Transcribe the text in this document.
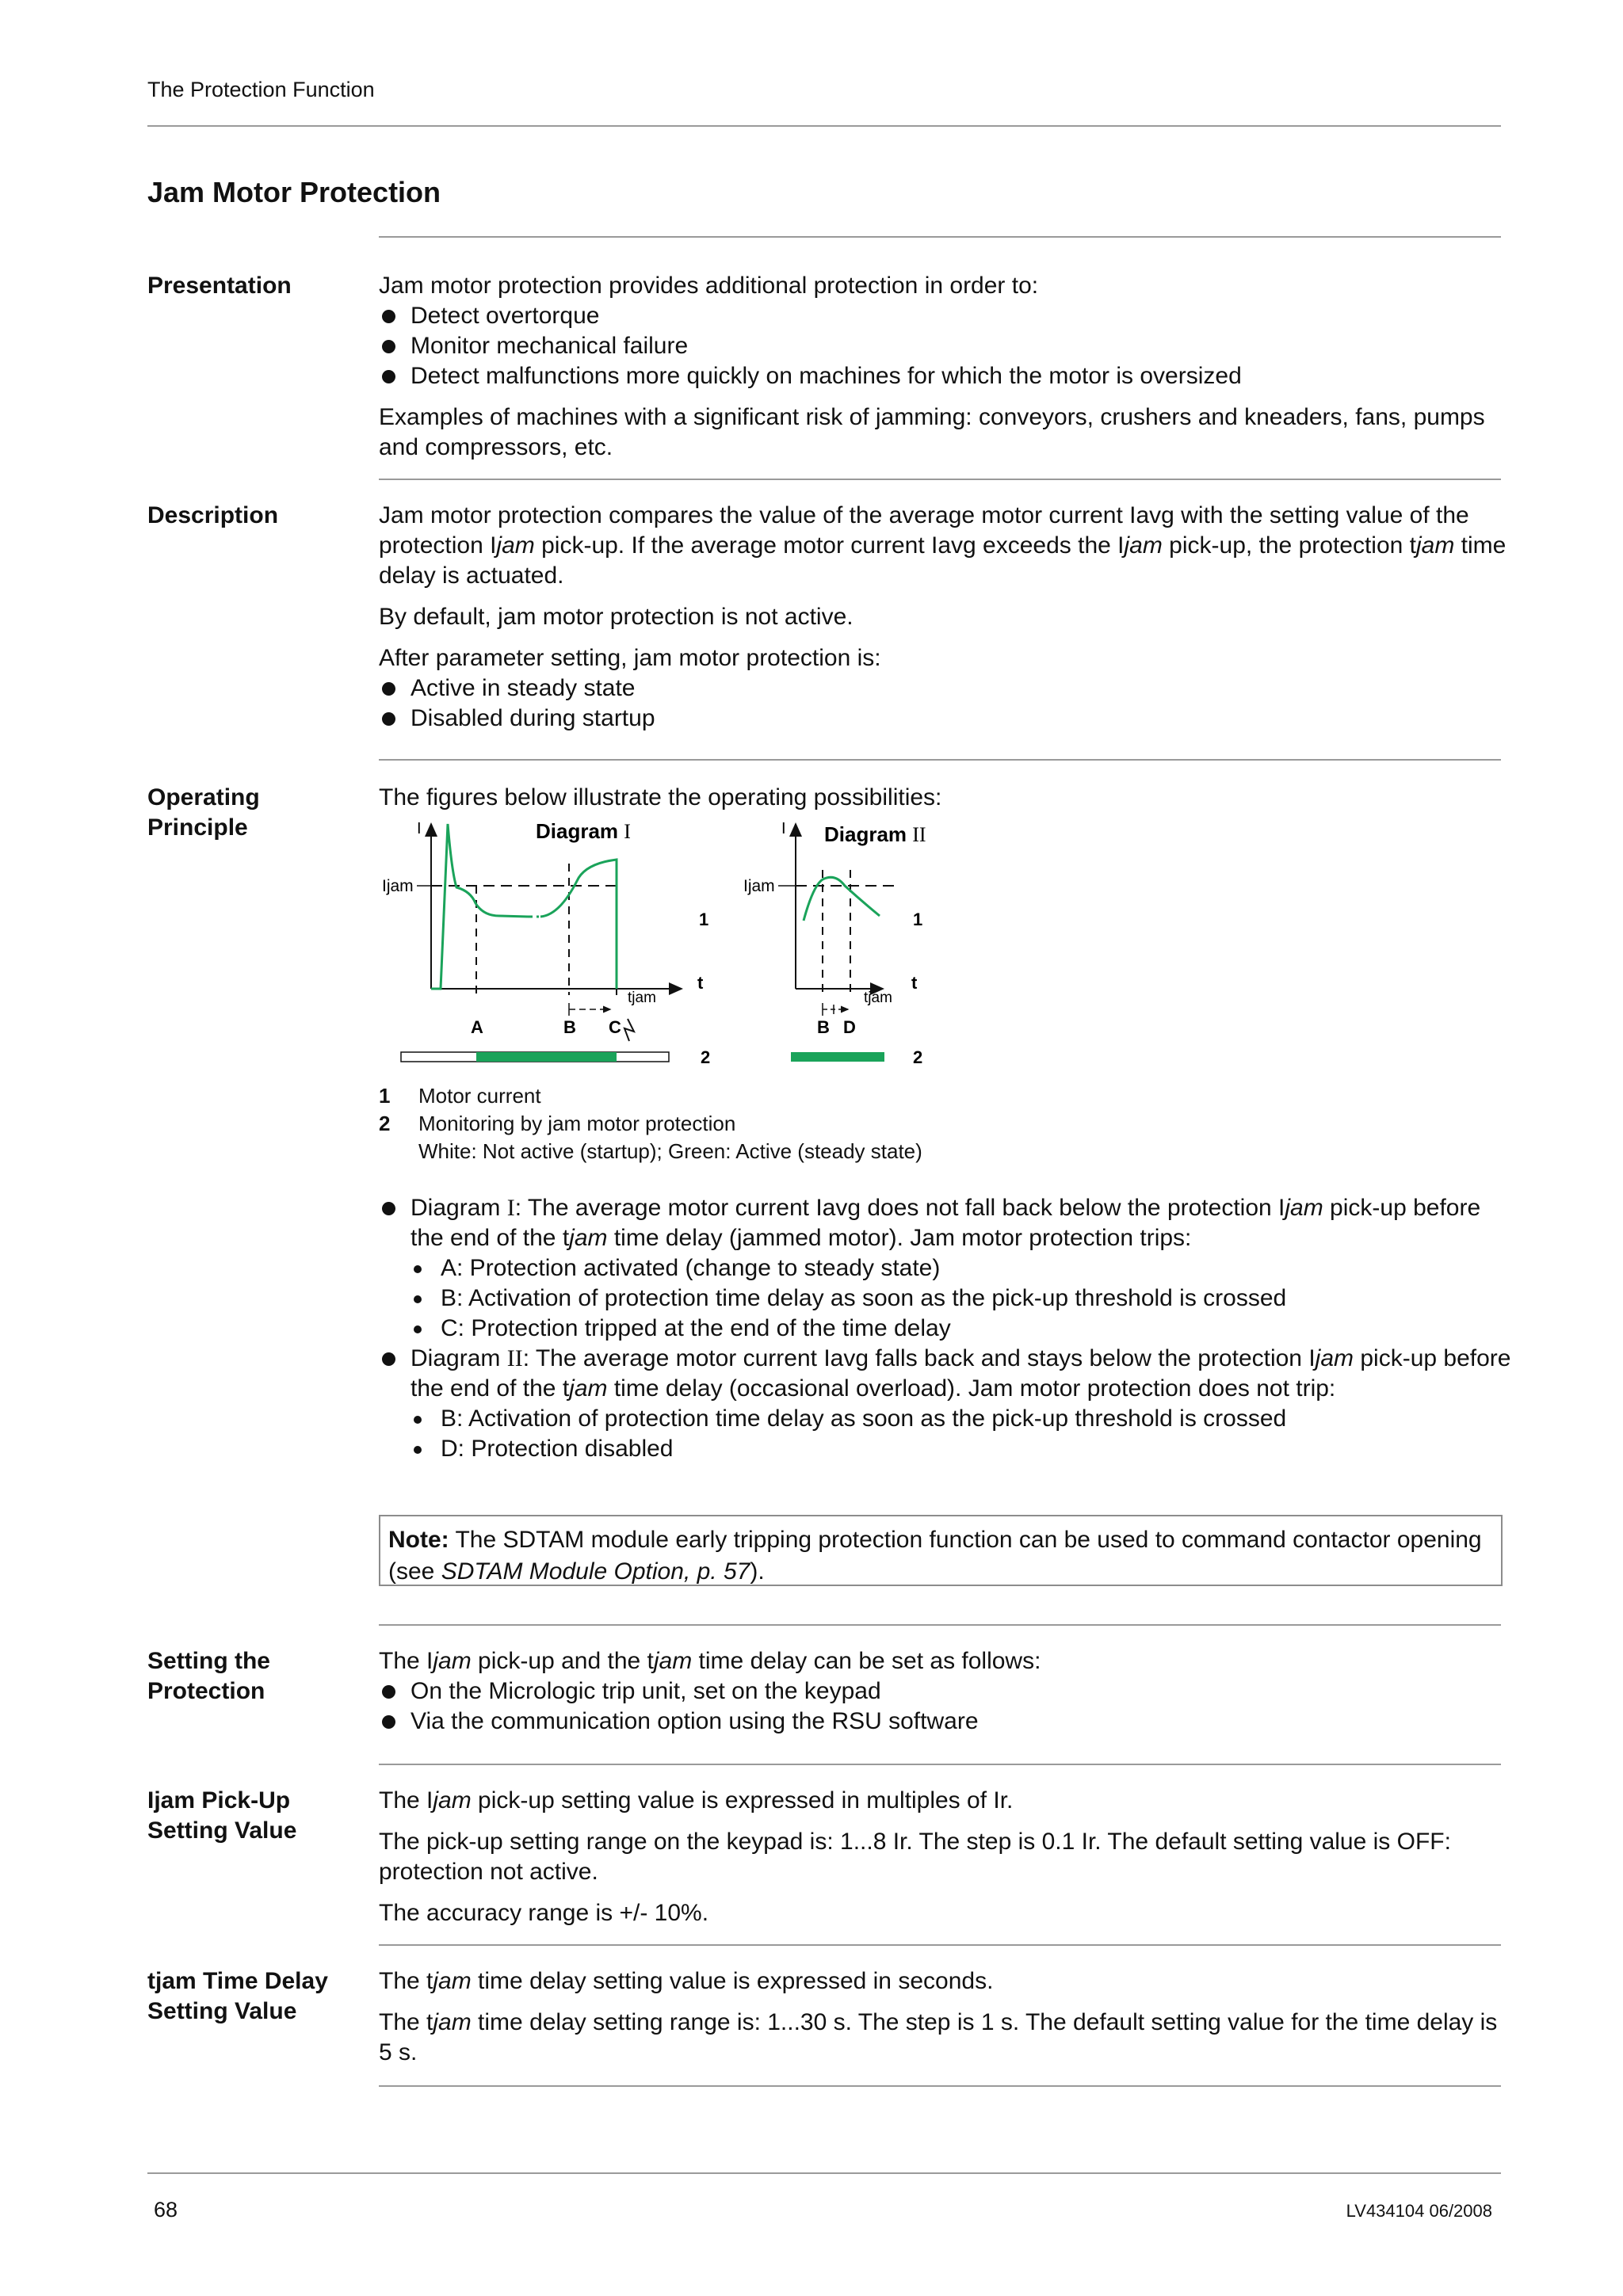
The Protection Function
Jam Motor Protection
Presentation	Jam motor protection provides additional protection in order to:
Detect overtorque
Monitor mechanical failure
Detect malfunctions more quickly on machines for which the motor is oversized

Examples of machines with a significant risk of jamming: conveyors, crushers and kneaders, fans, pumps and compressors, etc.

Description	Jam motor protection compares the value of the average motor current Iavg with the setting value of the protection Ijam pick-up. If the average motor current Iavg exceeds the Ijam pick-up, the protection tjam time delay is actuated.

By default, jam motor protection is not active.

After parameter setting, jam motor protection is:
Active in steady state
Disabled during startup
Operating
Principle
The figures below illustrate the operating possibilities:
I	Diagram I
Ijam
1
t
tjam
A	B C
2
I Diagram II
Ijam
1
t
tjam
B D
2
1 Motor current
2 Monitoring by jam motor protection
White: Not active (startup); Green: Active (steady state)
Diagram I: The average motor current Iavg does not fall back below the protection Ijam pick-up before the end of the tjam time delay (jammed motor). Jam motor protection trips:
A: Protection activated (change to steady state)
B: Activation of protection time delay as soon as the pick-up threshold is crossed
C: Protection tripped at the end of the time delay
Diagram II: The average motor current Iavg falls back and stays below the protection Ijam pick-up before the end of the tjam time delay (occasional overload). Jam motor protection does not trip:
B: Activation of protection time delay as soon as the pick-up threshold is crossed
D: Protection disabled
Note: The SDTAM module early tripping protection function can be used to command contactor opening (see SDTAM Module Option, p. 57).
Setting the
Protection
The Ijam pick-up and the tjam time delay can be set as follows:
On the Micrologic trip unit, set on the keypad
Via the communication option using the RSU software
Ijam Pick-Up
Setting Value

The Ijam pick-up setting value is expressed in multiples of Ir.

The pick-up setting range on the keypad is: 1...8 Ir. The step is 0.1 Ir. The default setting value is OFF: protection not active.

The accuracy range is +/- 10%.

tjam Time Delay
Setting Value

The tjam time delay setting value is expressed in seconds.

The tjam time delay setting range is: 1...30 s. The step is 1 s. The default setting value for the time delay is 5 s.

68	LV434104 06/2008
